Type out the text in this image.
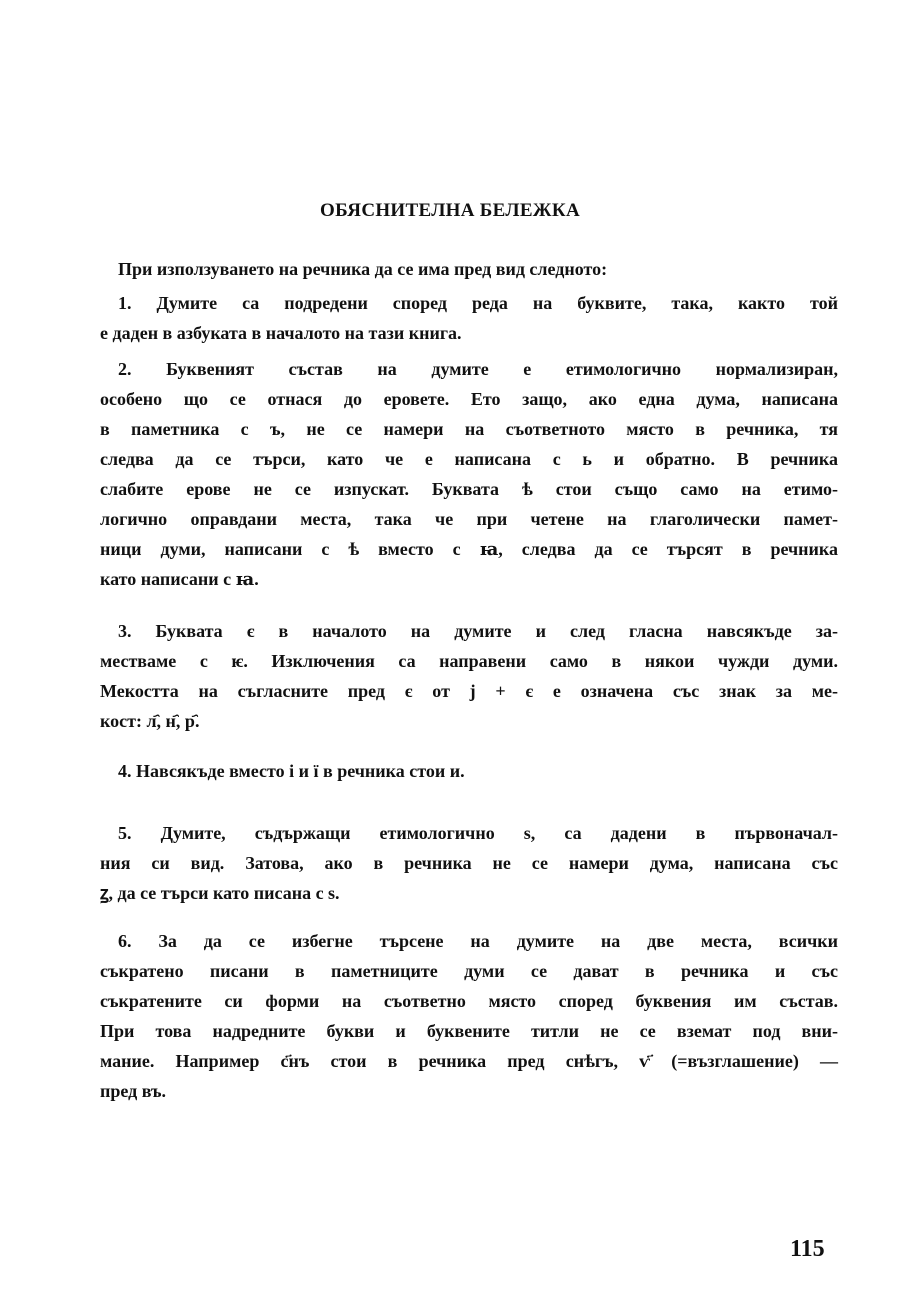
ОБЯСНИТЕЛНА БЕЛЕЖКА
При използуването на речника да се има пред вид следното:
1. Думите са подредени според реда на буквите, така, както той
е даден в азбуката в началото на тази книга.
2. Буквеният състав на думите е етимологично нормализиран,
особено що се отнася до еровете. Ето защо, ако една дума, написана
в паметника с ъ, не се намери на съответното място в речника, тя
следва да се търси, като че е написана с ь и обратно. В речника
слабите ерове не се изпускат. Буквата ѣ стои също само на етимо-
логично оправдани места, така че при четене на глаголически памет-
ници думи, написани с ѣ вместо с ꙗ, следва да се търсят в речника
като написани с ꙗ.
3. Буквата є в началото на думите и след гласна навсякъде за-
местваме с ѥ. Изключения са направени само в някои чужди думи.
Мекостта на съгласните пред є от ј + є е означена със знак за ме-
кост: л҄, н҄, р҄.
4. Навсякъде вместо і и ї в речника стои и.
5. Думите, съдържащи етимологично ѕ, са дадени в първоначал-
ния си вид. Затова, ако в речника не се намери дума, написана със
ꙁ, да се търси като писана с ѕ.
6. За да се избегне търсене на думите на две места, всички
съкратено писани в паметниците думи се дават в речника и със
съкратените си форми на съответно място според буквения им състав.
При това надредните букви и буквените титли не се вземат под вни-
мание. Например с҃нъ стои в речника пред снѣгъ, ѵ҃ (=възглашение) —
пред въ.
115
